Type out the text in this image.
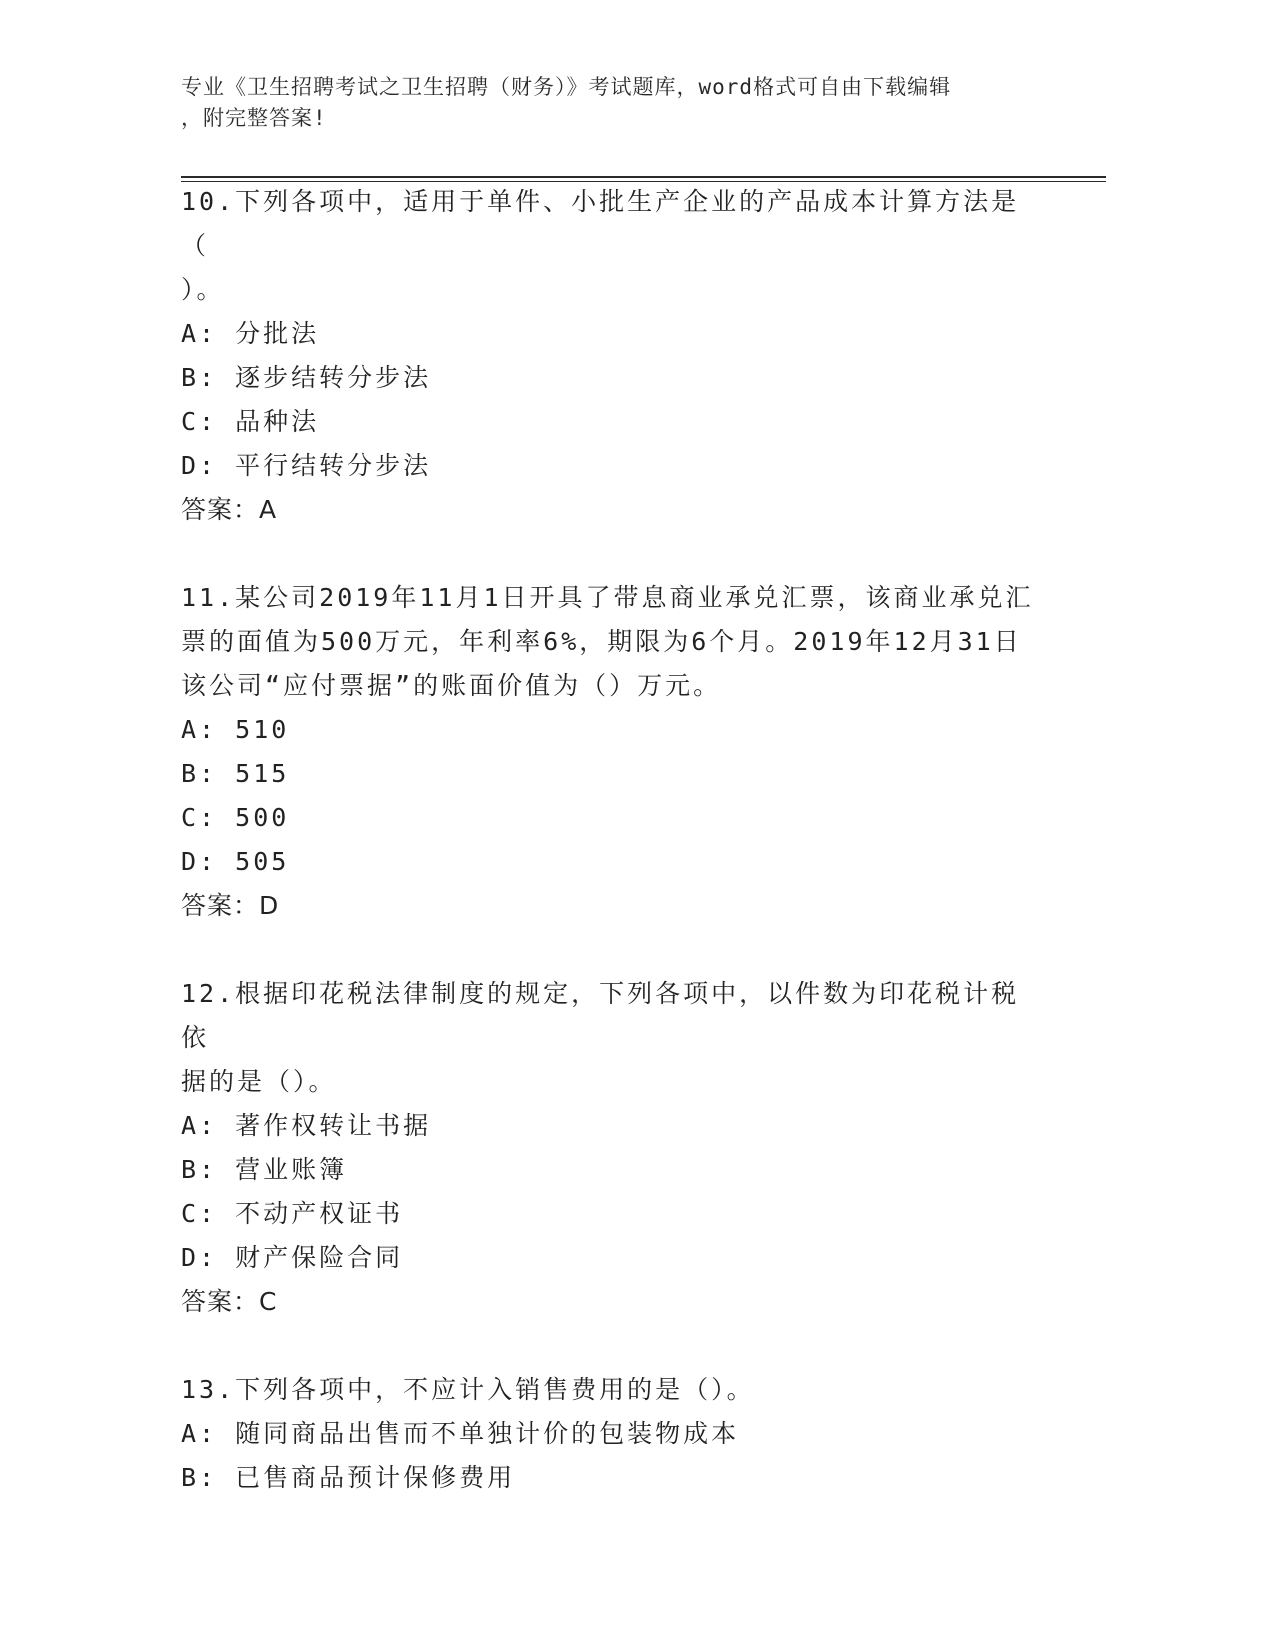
专业《卫生招聘考试之卫生招聘（财务）》考试题库，word格式可自由下载编辑
，附完整答案!

10.下列各项中，适用于单件、小批生产企业的产品成本计算方法是（

）。

A: 分批法

B: 逐步结转分步法

C: 品种法

D: 平行结转分步法

答案：A

11.某公司2019年11月1日开具了带息商业承兑汇票，该商业承兑汇

票的面值为500万元，年利率6%，期限为6个月。2019年12月31日

该公司“应付票据”的账面价值为（）万元。

A: 510

B: 515

C: 500

D: 505

答案：D

12.根据印花税法律制度的规定，下列各项中，以件数为印花税计税依

据的是（）。

A: 著作权转让书据

B: 营业账簿

C: 不动产权证书

D: 财产保险合同

答案：C

13.下列各项中，不应计入销售费用的是（）。

A: 随同商品出售而不单独计价的包装物成本

B: 已售商品预计保修费用
